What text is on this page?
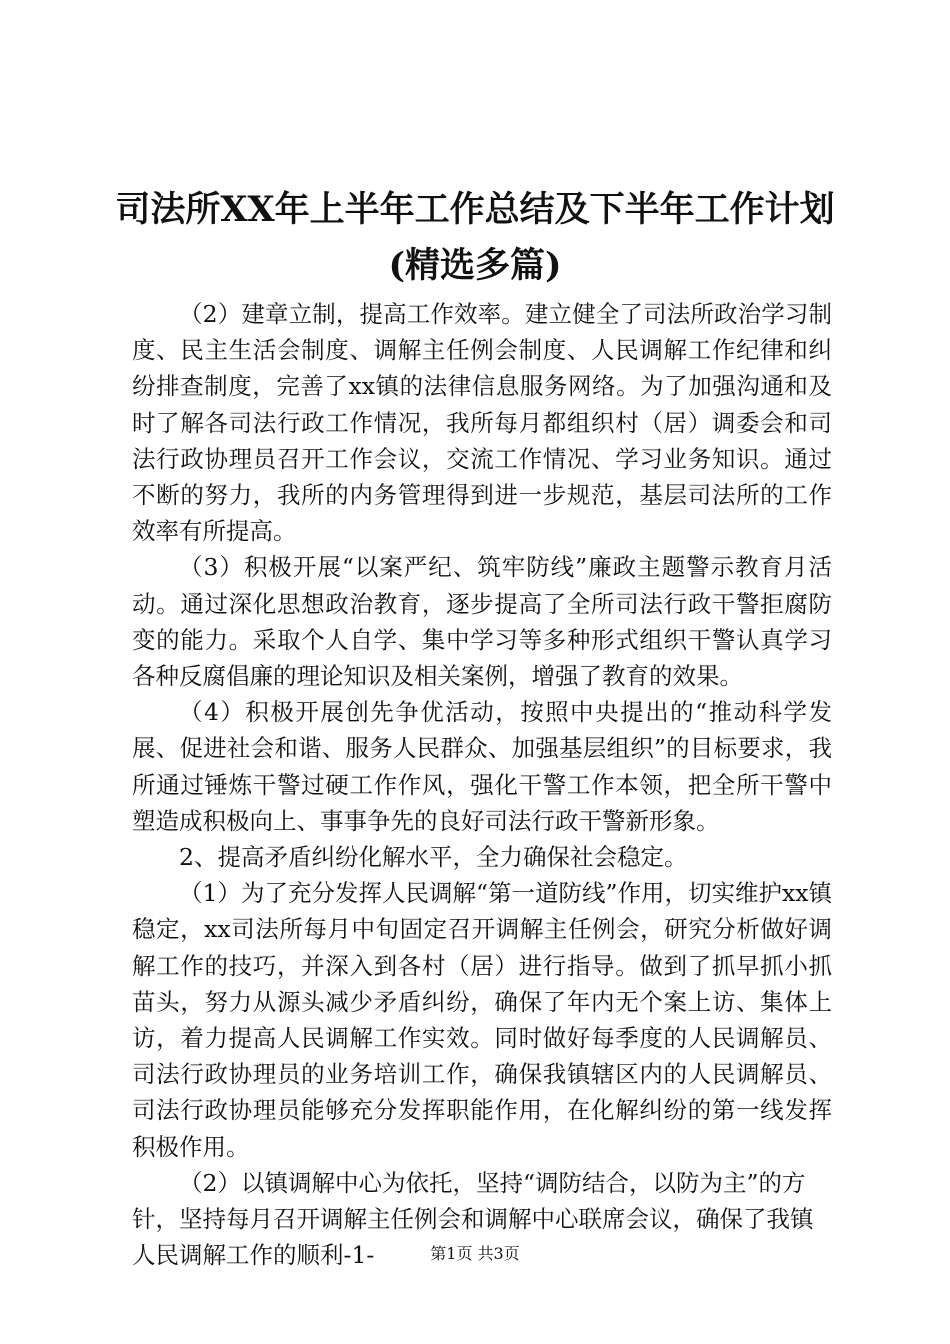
司法所XX年上半年工作总结及下半年工作计划(精选多篇)

（2）建章立制，提高工作效率。建立健全了司法所政治学习制度、民主生活会制度、调解主任例会制度、人民调解工作纪律和纠纷排查制度，完善了xx镇的法律信息服务网络。为了加强沟通和及时了解各司法行政工作情况，我所每月都组织村（居）调委会和司法行政协理员召开工作会议，交流工作情况、学习业务知识。通过不断的努力，我所的内务管理得到进一步规范，基层司法所的工作效率有所提高。

（3）积极开展“以案严纪、筑牢防线”廉政主题警示教育月活动。通过深化思想政治教育，逐步提高了全所司法行政干警拒腐防变的能力。采取个人自学、集中学习等多种形式组织干警认真学习各种反腐倡廉的理论知识及相关案例，增强了教育的效果。

（4）积极开展创先争优活动，按照中央提出的“推动科学发展、促进社会和谐、服务人民群众、加强基层组织”的目标要求，我所通过锤炼干警过硬工作作风，强化干警工作本领，把全所干警中塑造成积极向上、事事争先的良好司法行政干警新形象。

2、提高矛盾纠纷化解水平，全力确保社会稳定。

（1）为了充分发挥人民调解“第一道防线”作用，切实维护xx镇稳定，xx司法所每月中旬固定召开调解主任例会，研究分析做好调解工作的技巧，并深入到各村（居）进行指导。做到了抓早抓小抓苗头，努力从源头减少矛盾纠纷，确保了年内无个案上访、集体上访，着力提高人民调解工作实效。同时做好每季度的人民调解员、司法行政协理员的业务培训工作，确保我镇辖区内的人民调解员、司法行政协理员能够充分发挥职能作用，在化解纠纷的第一线发挥积极作用。

（2）以镇调解中心为依托，坚持“调防结合，以防为主”的方针，坚持每月召开调解主任例会和调解中心联席会议，确保了我镇人民调解工作的顺利-1-	第1页 共3页
